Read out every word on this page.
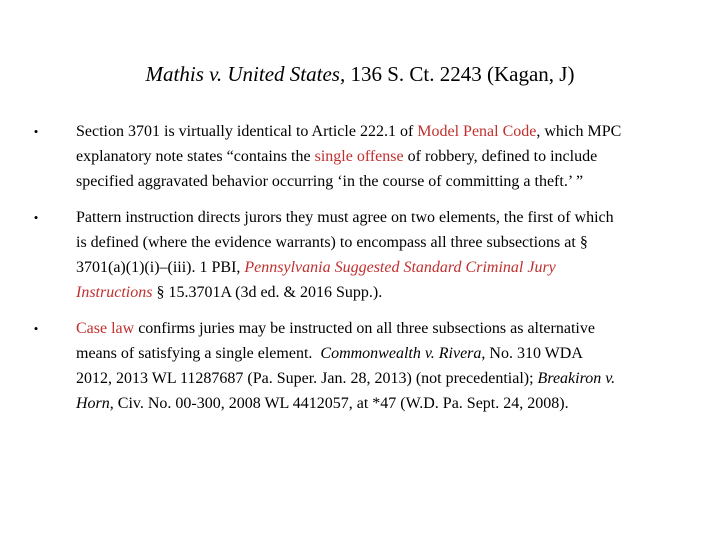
Mathis v. United States, 136 S. Ct. 2243 (Kagan, J)
• Section 3701 is virtually identical to Article 222.1 of Model Penal Code, which MPC
explanatory note states “contains the single offense of robbery, defined to include
specified aggravated behavior occurring ‘in the course of committing a theft.’ ”
• Pattern instruction directs jurors they must agree on two elements, the first of which
is defined (where the evidence warrants) to encompass all three subsections at §
3701(a)(1)(i)–(iii). 1 PBI, Pennsylvania Suggested Standard Criminal Jury
Instructions § 15.3701A (3d ed. & 2016 Supp.).
• Case law confirms juries may be instructed on all three subsections as alternative
means of satisfying a single element.  Commonwealth v. Rivera, No. 310 WDA
2012, 2013 WL 11287687 (Pa. Super. Jan. 28, 2013) (not precedential); Breakiron v.
Horn, Civ. No. 00-300, 2008 WL 4412057, at *47 (W.D. Pa. Sept. 24, 2008).
